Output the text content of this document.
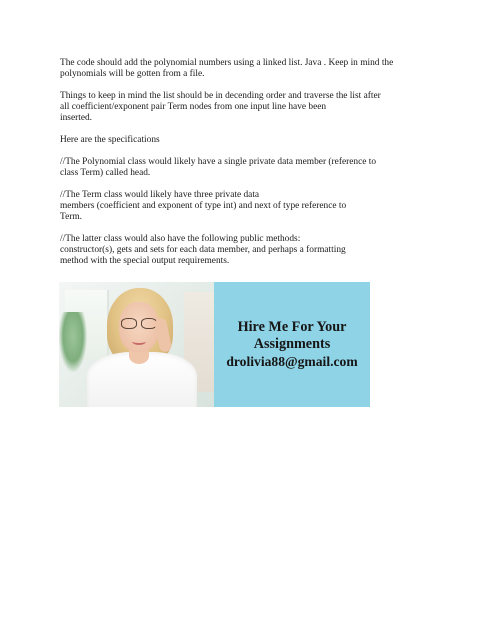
The code should add the polynomial numbers using a linked list. Java . Keep in mind the
polynomials will be gotten from a file.

Things to keep in mind the list should be in decending order and traverse the list after
all coefficient/exponent pair Term nodes from one input line have been
inserted.

Here are the specifications

//The Polynomial class would likely have a single private data member (reference to
class Term) called head.

//The Term class would likely have three private data
members (coefficient and exponent of type int) and next of type reference to
Term.

//The latter class would also have the following public methods:
constructor(s), gets and sets for each data member, and perhaps a formatting
method with the special output requirements.

Hire Me For Your
Assignments
drolivia88@gmail.com
